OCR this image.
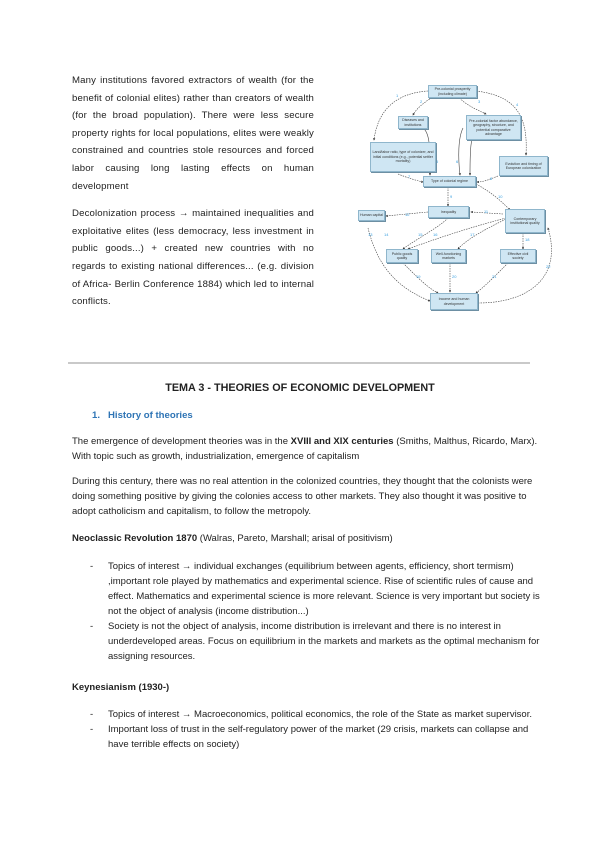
Many institutions favored extractors of wealth (for the benefit of colonial elites) rather than creators of wealth (for the broad population). There were less secure property rights for local populations, elites were weakly constrained and countries stole resources and forced labor causing long lasting effects on human development

Decolonization process → maintained inequalities and exploitative elites (less democracy, less investment in public goods...) + created new countries with no regards to existing national differences... (e.g. division of Africa- Berlin Conference 1884) which led to internal conflicts.

1
2	3
4
5	6
7	8
9	10
11
12
13	14	15	16	17
18
19	20	21
22
Pre-colonial prosperity (including climate)
Diseases and institutions
Pre-colonial factor abundance, geography, structure, and potential comparative advantage
Land/labor ratio, type of colonizer, and initial conditions (e.g., potential settler mortality)
Evolution and timing of European colonization
Type of colonial regime
Inequality
Human capital
Contemporary institutional quality
Public goods quality
Well-functioning markets
Effective civil society
Income and human development
TEMA 3 - THEORIES OF ECONOMIC DEVELOPMENT
1. History of theories
The emergence of development theories was in the XVIII and XIX centuries (Smiths, Malthus, Ricardo, Marx). With topic such as growth, industrialization, emergence of capitalism
During this century, there was no real attention in the colonized countries, they thought that the colonists were doing something positive by giving the colonies access to other markets. They also thought it was positive to adopt catholicism and capitalism, to follow the metropoly.
Neoclassic Revolution 1870 (Walras, Pareto, Marshall; arisal of positivism)
-	Topics of interest → individual exchanges (equilibrium between agents, efficiency, short termism) ,important role played by mathematics and experimental science. Rise of scientific rules of cause and effect. Mathematics and experimental science is more relevant. Science is very important but society is not the object of analysis (income distribution...)
-	Society is not the object of analysis, income distribution is irrelevant and there is no interest in underdeveloped areas. Focus on equilibrium in the markets and markets as the optimal mechanism for assigning resources.
Keynesianism (1930-)
-	Topics of interest → Macroeconomics, political economics, the role of the State as market supervisor.
-	Important loss of trust in the self-regulatory power of the market (29 crisis, markets can collapse and have terrible effects on society)
